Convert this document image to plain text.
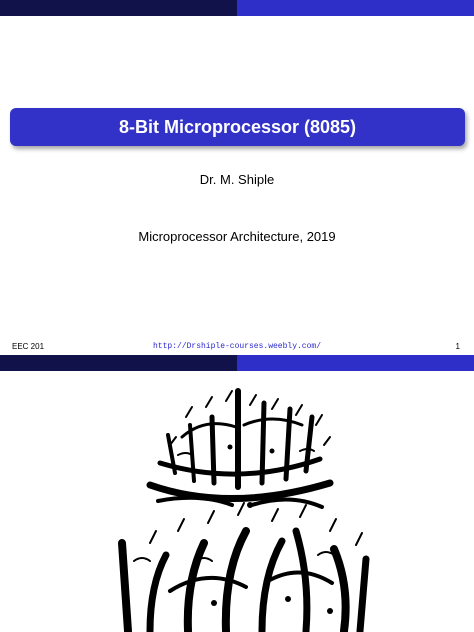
8-Bit Microprocessor (8085)
Dr. M. Shiple
Microprocessor Architecture, 2019
EEC 201	http://Drshiple-courses.weebly.com/	1
